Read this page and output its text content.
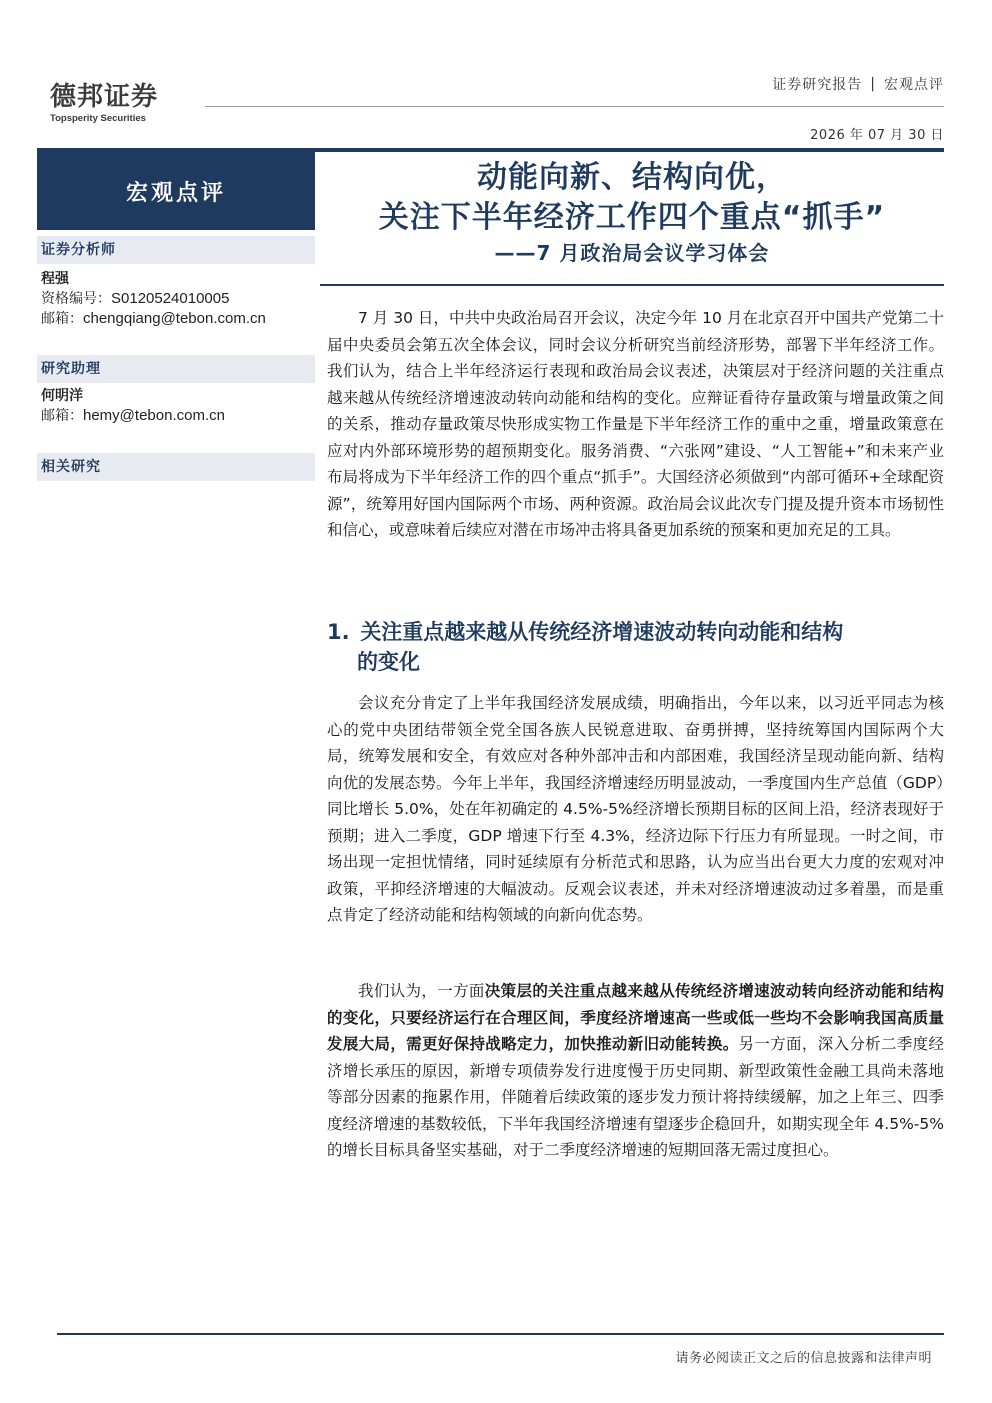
德邦证券
Topsperity Securities
证券研究报告 | 宏观点评
2026 年 07 月 30 日
宏观点评	动能向新、结构向优，
关注下半年经济工作四个重点“抓手”
——7 月政治局会议学习体会
证券分析师
程强
资格编号：S0120524010005
邮箱：chengqiang@tebon.com.cn
研究助理
何明洋
邮箱：hemy@tebon.com.cn
相关研究

7 月 30 日，中共中央政治局召开会议，决定今年 10 月在北京召开中国共产党第二十届中央委员会第五次全体会议，同时会议分析研究当前经济形势，部署下半年经济工作。我们认为，结合上半年经济运行表现和政治局会议表述，决策层对于经济问题的关注重点越来越从传统经济增速波动转向动能和结构的变化。应辩证看待存量政策与增量政策之间的关系，推动存量政策尽快形成实物工作量是下半年经济工作的重中之重，增量政策意在应对内外部环境形势的超预期变化。服务消费、“六张网”建设、“人工智能+”和未来产业布局将成为下半年经济工作的四个重点“抓手”。大国经济必须做到“内部可循环+全球配资源”，统筹用好国内国际两个市场、两种资源。政治局会议此次专门提及提升资本市场韧性和信心，或意味着后续应对潜在市场冲击将具备更加系统的预案和更加充足的工具。

1. 关注重点越来越从传统经济增速波动转向动能和结构
的变化

会议充分肯定了上半年我国经济发展成绩，明确指出，今年以来，以习近平同志为核心的党中央团结带领全党全国各族人民锐意进取、奋勇拼搏，坚持统筹国内国际两个大局，统筹发展和安全，有效应对各种外部冲击和内部困难，我国经济呈现动能向新、结构向优的发展态势。今年上半年，我国经济增速经历明显波动，一季度国内生产总值（GDP）同比增长 5.0%，处在年初确定的 4.5%-5%经济增长预期目标的区间上沿，经济表现好于预期；进入二季度，GDP 增速下行至 4.3%，经济边际下行压力有所显现。一时之间，市场出现一定担忧情绪，同时延续原有分析范式和思路，认为应当出台更大力度的宏观对冲政策，平抑经济增速的大幅波动。反观会议表述，并未对经济增速波动过多着墨，而是重点肯定了经济动能和结构领域的向新向优态势。

我们认为，一方面决策层的关注重点越来越从传统经济增速波动转向经济动能和结构的变化，只要经济运行在合理区间，季度经济增速高一些或低一些均不会影响我国高质量发展大局，需更好保持战略定力，加快推动新旧动能转换。另一方面，深入分析二季度经济增长承压的原因，新增专项债券发行进度慢于历史同期、新型政策性金融工具尚未落地等部分因素的拖累作用，伴随着后续政策的逐步发力预计将持续缓解，加之上年三、四季度经济增速的基数较低，下半年我国经济增速有望逐步企稳回升，如期实现全年 4.5%-5%的增长目标具备坚实基础，对于二季度经济增速的短期回落无需过度担心。

请务必阅读正文之后的信息披露和法律声明
